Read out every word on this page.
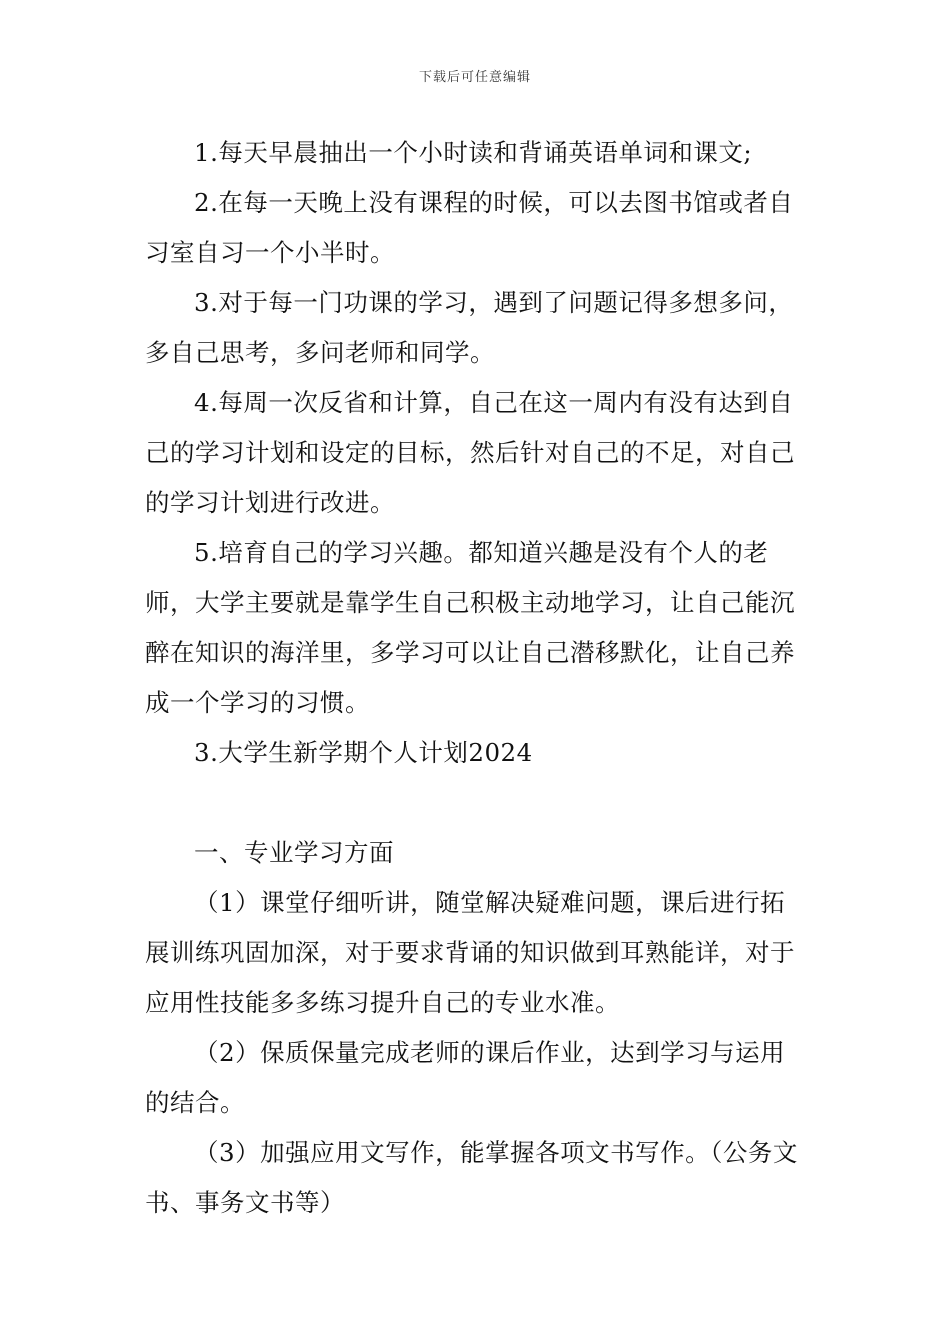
下载后可任意编辑

1.每天早晨抽出一个小时读和背诵英语单词和课文;

2.在每一天晚上没有课程的时候，可以去图书馆或者自习室自习一个小半时。

3.对于每一门功课的学习，遇到了问题记得多想多问，多自己思考，多问老师和同学。

4.每周一次反省和计算，自己在这一周内有没有达到自己的学习计划和设定的目标，然后针对自己的不足，对自己的学习计划进行改进。

5.培育自己的学习兴趣。都知道兴趣是没有个人的老师，大学主要就是靠学生自己积极主动地学习，让自己能沉醉在知识的海洋里，多学习可以让自己潜移默化，让自己养成一个学习的习惯。

3.大学生新学期个人计划2024

一、专业学习方面

（1）课堂仔细听讲，随堂解决疑难问题，课后进行拓展训练巩固加深，对于要求背诵的知识做到耳熟能详，对于应用性技能多多练习提升自己的专业水准。

（2）保质保量完成老师的课后作业，达到学习与运用的结合。

（3）加强应用文写作，能掌握各项文书写作。（公务文书、事务文书等）
